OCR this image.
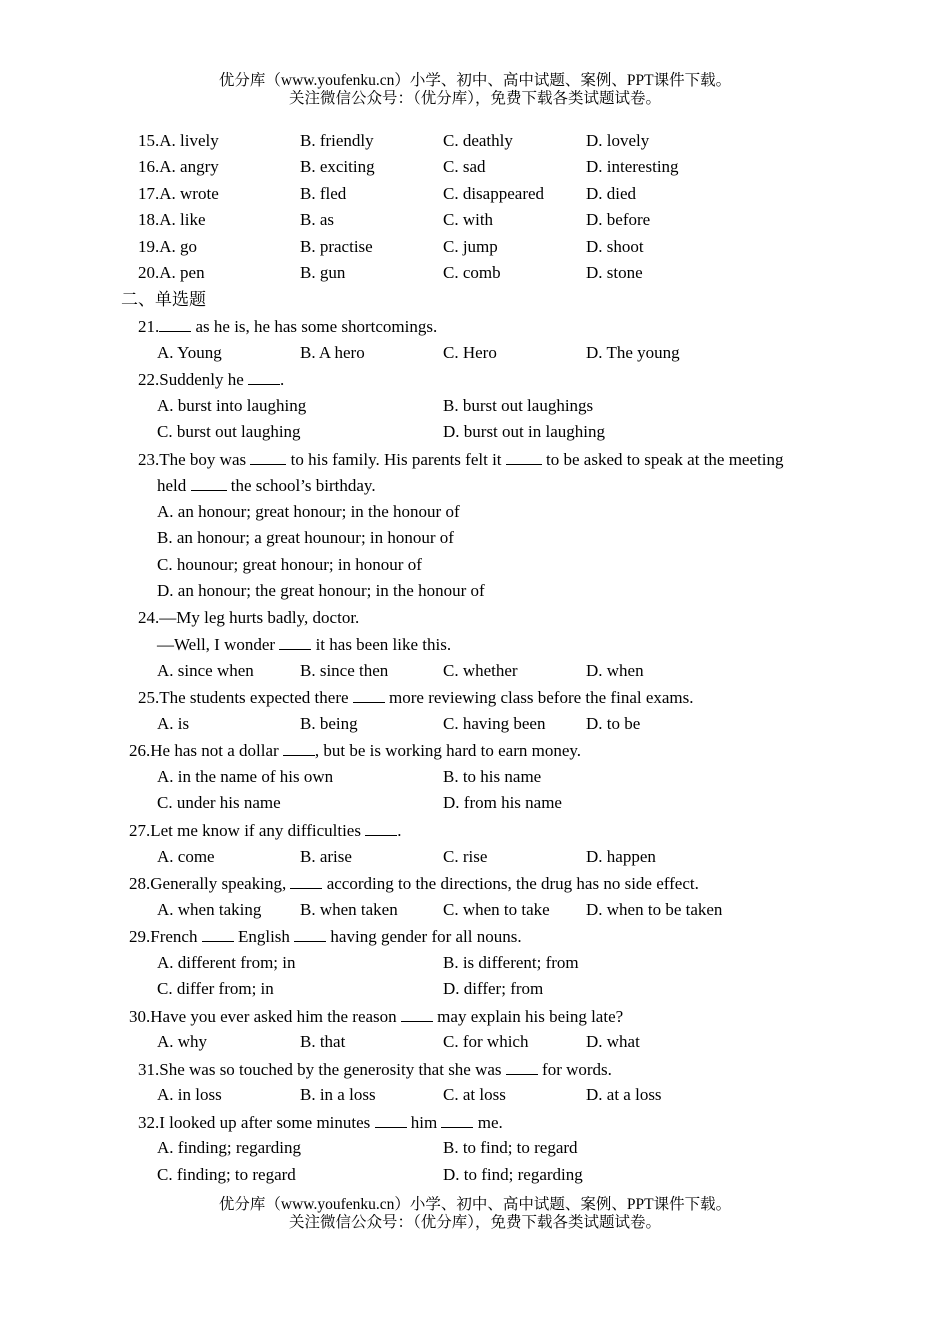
优分库（www.youfenku.cn）小学、初中、高中试题、案例、PPT课件下载。
关注微信公众号：（优分库），免费下载各类试题试卷。
15.A. lively	B. friendly	C. deathly	D. lovely
16.A. angry	B. exciting	C. sad	D. interesting
17.A. wrote	B. fled	C. disappeared D. died
18.A. like	B. as	C. with	D. before
19.A. go	B. practise	C. jump	D. shoot
20.A. pen	B. gun	C. comb	D. stone
二、单选题
21. as he is, he has some shortcomings.
A. Young	B. A hero	C. Hero	D. The young
22.Suddenly he .
A. burst into laughing	B. burst out laughings
C. burst out laughing	D. burst out in laughing
23.The boy was  to his family. His parents felt it  to be asked to speak at the meeting
held  the school’s birthday.
A. an honour; great honour; in the honour of
B. an honour; a great hounour; in honour of
C. hounour; great honour; in honour of
D. an honour; the great honour; in the honour of
24.—My leg hurts badly, doctor.
—Well, I wonder  it has been like this.
A. since when	B. since then	C. whether	D. when
25.The students expected there  more reviewing class before the final exams.
A. is	B. being	C. having been D. to be
26.He has not a dollar , but be is working hard to earn money.
A. in the name of his own	B. to his name
C. under his name	D. from his name
27.Let me know if any difficulties .
A. come	B. arise	C. rise	D. happen
28.Generally speaking,  according to the directions, the drug has no side effect.
A. when taking B. when taken	C. when to take D. when to be taken
29.French  English  having gender for all nouns.
A. different from; in	B. is different; from
C. differ from; in	D. differ; from
30.Have you ever asked him the reason  may explain his being late?
A. why	B. that	C. for which	D. what
31.She was so touched by the generosity that she was  for words.
A. in loss	B. in a loss	C. at loss	D. at a loss
32.I looked up after some minutes  him  me.
A. finding; regarding	B. to find; to regard
C. finding; to regard	D. to find; regarding
优分库（www.youfenku.cn）小学、初中、高中试题、案例、PPT课件下载。
关注微信公众号：（优分库），免费下载各类试题试卷。
